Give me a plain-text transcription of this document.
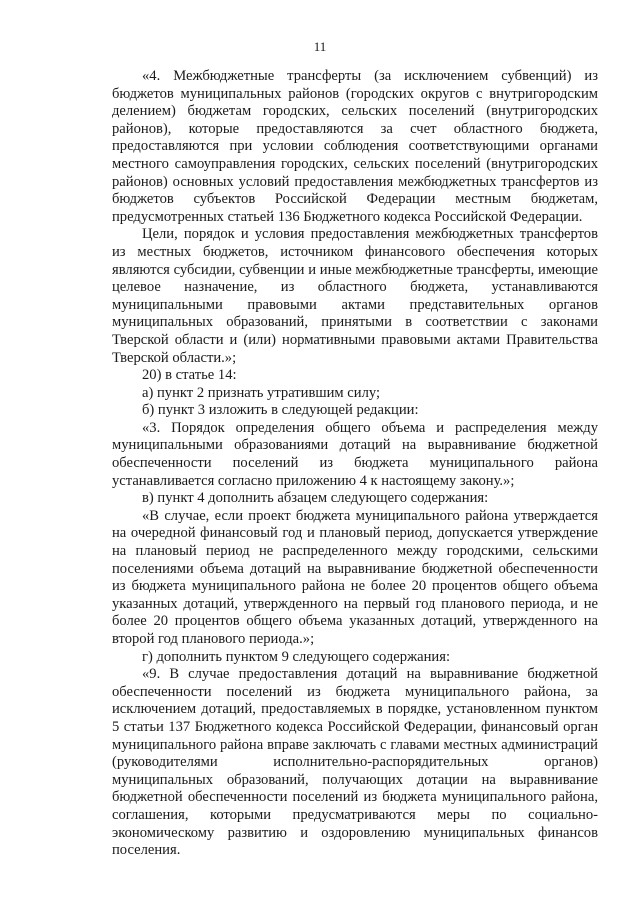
11

«4. Межбюджетные трансферты (за исключением субвенций) из бюджетов муниципальных районов (городских округов с внутригородским делением) бюджетам городских, сельских поселений (внутригородских районов), которые предоставляются за счет областного бюджета, предоставляются при условии соблюдения соответствующими органами местного самоуправления городских, сельских поселений (внутригородских районов) основных условий предоставления межбюджетных трансфертов из бюджетов субъектов Российской Федерации местным бюджетам, предусмотренных статьей 136 Бюджетного кодекса Российской Федерации.

Цели, порядок и условия предоставления межбюджетных трансфертов из местных бюджетов, источником финансового обеспечения которых являются субсидии, субвенции и иные межбюджетные трансферты, имеющие целевое назначение, из областного бюджета, устанавливаются муниципальными правовыми актами представительных органов муниципальных образований, принятыми в соответствии с законами Тверской области и (или) нормативными правовыми актами Правительства Тверской области.»;

20) в статье 14:

а) пункт 2 признать утратившим силу;

б) пункт 3 изложить в следующей редакции:

«3. Порядок определения общего объема и распределения между муниципальными образованиями дотаций на выравнивание бюджетной обеспеченности поселений из бюджета муниципального района устанавливается согласно приложению 4 к настоящему закону.»;

в) пункт 4 дополнить абзацем следующего содержания:

«В случае, если проект бюджета муниципального района утверждается на очередной финансовый год и плановый период, допускается утверждение на плановый период не распределенного между городскими, сельскими поселениями объема дотаций на выравнивание бюджетной обеспеченности из бюджета муниципального района не более 20 процентов общего объема указанных дотаций, утвержденного на первый год планового периода, и не более 20 процентов общего объема указанных дотаций, утвержденного на второй год планового периода.»;

г) дополнить пунктом 9 следующего содержания:

«9. В случае предоставления дотаций на выравнивание бюджетной обеспеченности поселений из бюджета муниципального района, за исключением дотаций, предоставляемых в порядке, установленном пунктом 5 статьи 137 Бюджетного кодекса Российской Федерации, финансовый орган муниципального района вправе заключать с главами местных администраций (руководителями исполнительно-распорядительных органов) муниципальных образований, получающих дотации на выравнивание бюджетной обеспеченности поселений из бюджета муниципального района, соглашения, которыми предусматриваются меры по социально-экономическому развитию и оздоровлению муниципальных финансов поселения.
